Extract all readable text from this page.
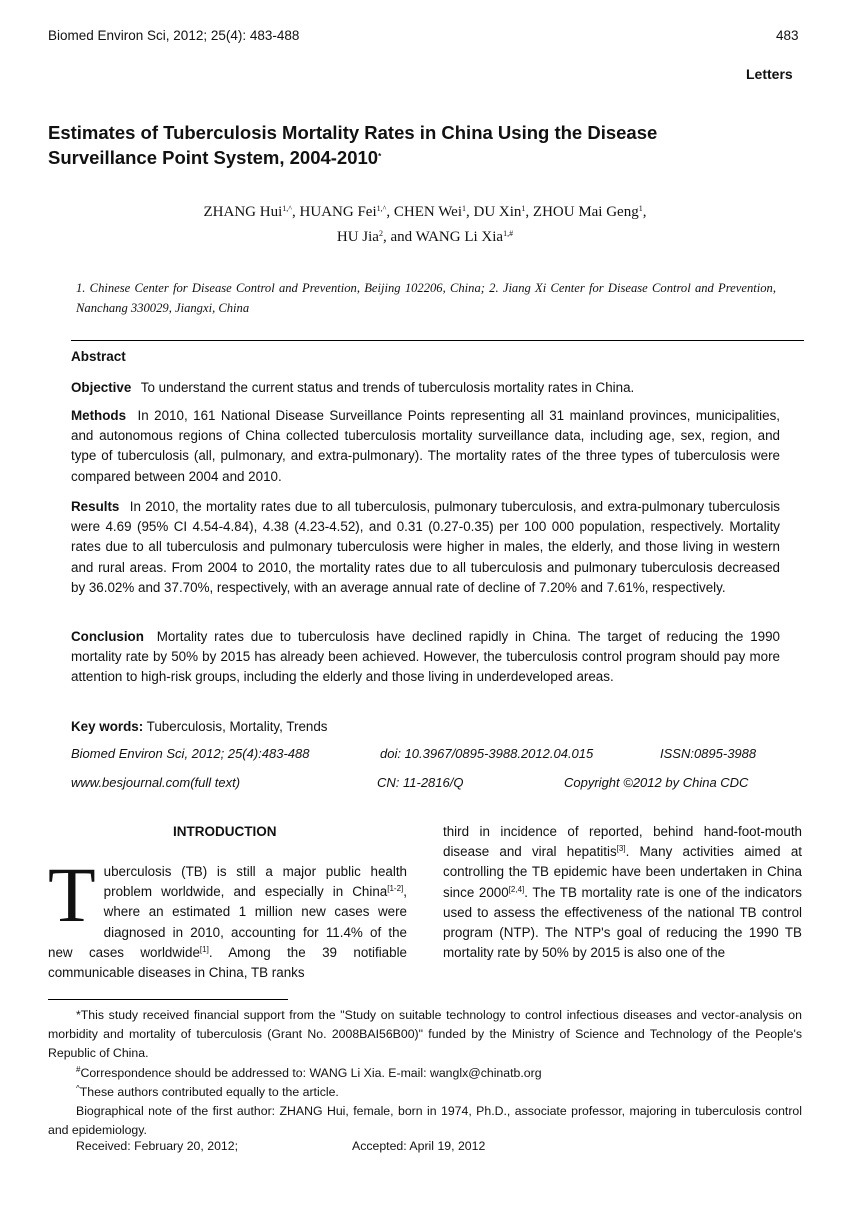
Biomed Environ Sci, 2012; 25(4): 483-488	483
Letters
Estimates of Tuberculosis Mortality Rates in China Using the Disease
Surveillance Point System, 2004-2010*
ZHANG Hui$^{1,\^{}}$, HUANG Fei$^{1,\^{}}$, CHEN Wei$^1$, DU Xin$^1$, ZHOU Mai Geng$^1$,
HU Jia$^2$, and WANG Li Xia$^{1,\#}$
1. Chinese Center for Disease Control and Prevention, Beijing 102206, China; 2. Jiang Xi Center for Disease Control and Prevention, Nanchang 330029, Jiangxi, China
Abstract
Objective To understand the current status and trends of tuberculosis mortality rates in China.
Methods In 2010, 161 National Disease Surveillance Points representing all 31 mainland provinces, municipalities, and autonomous regions of China collected tuberculosis mortality surveillance data, including age, sex, region, and type of tuberculosis (all, pulmonary, and extra-pulmonary). The mortality rates of the three types of tuberculosis were compared between 2004 and 2010.
Results In 2010, the mortality rates due to all tuberculosis, pulmonary tuberculosis, and extra-pulmonary tuberculosis were 4.69 (95% CI 4.54-4.84), 4.38 (4.23-4.52), and 0.31 (0.27-0.35) per 100 000 population, respectively. Mortality rates due to all tuberculosis and pulmonary tuberculosis were higher in males, the elderly, and those living in western and rural areas. From 2004 to 2010, the mortality rates due to all tuberculosis and pulmonary tuberculosis decreased by 36.02% and 37.70%, respectively, with an average annual rate of decline of 7.20% and 7.61%, respectively.
Conclusion Mortality rates due to tuberculosis have declined rapidly in China. The target of reducing the 1990 mortality rate by 50% by 2015 has already been achieved. However, the tuberculosis control program should pay more attention to high-risk groups, including the elderly and those living in underdeveloped areas.
Key words: Tuberculosis, Mortality, Trends
Biomed Environ Sci, 2012; 25(4):483-488	doi: 10.3967/0895-3988.2012.04.015	ISSN:0895-3988
www.besjournal.com(full text)	CN: 11-2816/Q	Copyright ©2012 by China CDC
INTRODUCTION
Tuberculosis (TB) is still a major public health problem worldwide, and especially in China[1-2], where an estimated 1 million new cases were diagnosed in 2010, accounting for 11.4% of the new cases worldwide[1]. Among the 39 notifiable communicable diseases in China, TB ranks
third in incidence of reported, behind hand-foot-mouth disease and viral hepatitis[3]. Many activities aimed at controlling the TB epidemic have been undertaken in China since 2000[2,4]. The TB mortality rate is one of the indicators used to assess the effectiveness of the national TB control program (NTP). The NTP's goal of reducing the 1990 TB mortality rate by 50% by 2015 is also one of the

*This study received financial support from the "Study on suitable technology to control infectious diseases and vector-analysis on morbidity and mortality of tuberculosis (Grant No. 2008BAI56B00)" funded by the Ministry of Science and Technology of the People's Republic of China.

#Correspondence should be addressed to: WANG Li Xia. E-mail: wanglx@chinatb.org

^These authors contributed equally to the article.

Biographical note of the first author: ZHANG Hui, female, born in 1974, Ph.D., associate professor, majoring in tuberculosis control and epidemiology.

Received: February 20, 2012;	Accepted: April 19, 2012
